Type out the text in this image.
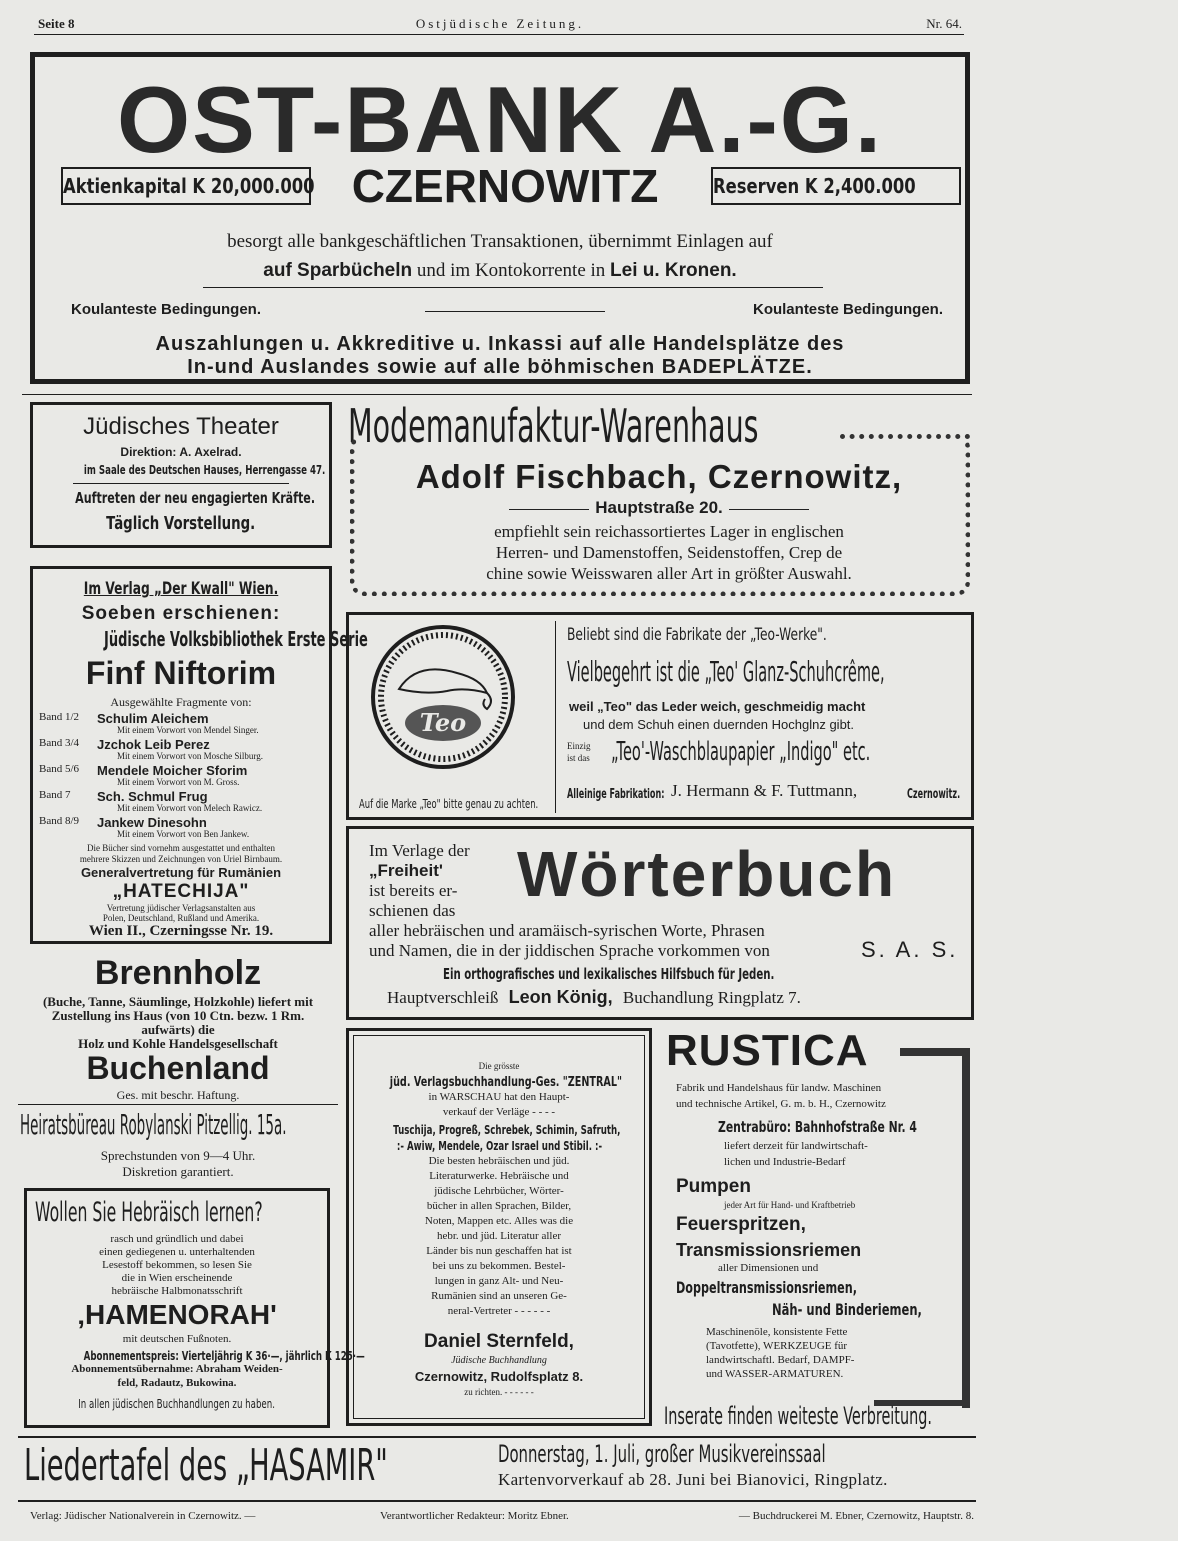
Seite 8	Ostjüdische Zeitung.	Nr. 64.
OST-BANK A.-G.
Aktienkapital K 20,000.000 CZERNOWITZ	Reserven K 2,400.000
besorgt alle bankgeschäftlichen Transaktionen, übernimmt Einlagen auf
auf Sparbücheln und im Kontokorrente in Lei u. Kronen.
Koulanteste Bedingungen.	Koulanteste Bedingungen.
Auszahlungen u. Akkreditive u. Inkassi auf alle Handelsplätze des
In-und Auslandes sowie auf alle böhmischen BADEPLÄTZE.
Jüdisches Theater
Direktion: A. Axelrad.
im Saale des Deutschen Hauses, Herrengasse 47.
Auftreten der neu engagierten Kräfte.
Täglich Vorstellung.
Modemanufaktur-Warenhaus
Adolf Fischbach, Czernowitz,
Hauptstraße 20.
empfiehlt sein reichassortiertes Lager in englischen
Herren- und Damenstoffen, Seidenstoffen, Crep de
chine sowie Weisswaren aller Art in größter Auswahl.
Im Verlag „Der Kwall" Wien.
Soeben erschienen:
Jüdische Volksbibliothek Erste Serie
Finf Niftorim
Ausgewählte Fragmente von:
Band 1/2 Schulim Aleichem
Mit einem Vorwort von Mendel Singer.
Band 3/4 Jzchok Leib Perez
Mit einem Vorwort von Mosche Silburg.
Band 5/6 Mendele Moicher Sforim
Mit einem Vorwort von M. Gross.
Band 7 Sch. Schmul Frug
Mit einem Vorwort von Melech Rawicz.
Band 8/9 Jankew Dinesohn
Mit einem Vorwort von Ben Jankew.
Die Bücher sind vornehm ausgestattet und enthalten
mehrere Skizzen und Zeichnungen von Uriel Birnbaum.
Generalvertretung für Rumänien
„HATECHIJA"
Vertretung jüdischer Verlagsanstalten aus
Polen, Deutschland, Rußland und Amerika.
Wien II., Czerningsse Nr. 19.
Teo
Auf die Marke „Teo" bitte genau zu achten.
Beliebt sind die Fabrikate der „Teo-Werke".
Vielbegehrt ist die „Teo' Glanz-Schuhcrême,
weil „Teo" das Leder weich, geschmeidig macht
und dem Schuh einen duernden Hochglnz gibt.
Einzig
ist das „Teo'-Waschblaupapier „Indigo" etc.
Alleinige Fabrikation: J. Hermann & F. Tuttmann,	Czernowitz.
Im Verlage der
„Freiheit'
ist bereits er-
schienen das
Wörterbuch
aller hebräischen und aramäisch-syrischen Worte, Phrasen
und Namen, die in der jiddischen Sprache vorkommen von	S. A. S.
Ein orthografisches und lexikalisches Hilfsbuch für Jeden.
Hauptverschleiß Leon König, Buchandlung Ringplatz 7.
Brennholz
(Buche, Tanne, Säumlinge, Holzkohle) liefert mit
Zustellung ins Haus (von 10 Ctn. bezw. 1 Rm.
aufwärts) die
Holz und Kohle Handelsgesellschaft
Buchenland
Ges. mit beschr. Haftung.
Heiratsbüreau Robylanski Pitzellig. 15a.
Sprechstunden von 9—4 Uhr.
Diskretion garantiert.
Wollen Sie Hebräisch lernen?
rasch und gründlich und dabei
einen gediegenen u. unterhaltenden
Lesestoff bekommen, so lesen Sie
die in Wien erscheinende
hebräische Halbmonatsschrift
‚HAMENORAH'
mit deutschen Fußnoten.
Abonnementspreis: Vierteljährig K 36·—, jährlich K 125·—
Abonnementsübernahme: Abraham Weiden-
feld, Radautz, Bukowina.
In allen jüdischen Buchhandlungen zu haben.
Die grösste
jüd. Verlagsbuchhandlung-Ges. "ZENTRAL"
in WARSCHAU hat den Haupt-
verkauf der Verläge - - - -
Tuschija, Progreß, Schrebek, Schimin, Safruth,
:- Awiw, Mendele, Ozar Israel und Stibil. :-
Die besten hebräischen und jüd.
Literaturwerke. Hebräische und
jüdische Lehrbücher, Wörter-
bücher in allen Sprachen, Bilder,
Noten, Mappen etc. Alles was die
hebr. und jüd. Literatur aller
Länder bis nun geschaffen hat ist
bei uns zu bekommen. Bestel-
lungen in ganz Alt- und Neu-
Rumänien sind an unseren Ge-
neral-Vertreter - - - - - -
Daniel Sternfeld,
Jüdische Buchhandlung
Czernowitz, Rudolfsplatz 8.
zu richten. - - - - - -
RUSTICA
Fabrik und Handelshaus für landw. Maschinen
und technische Artikel, G. m. b. H., Czernowitz
Zentrabüro: Bahnhofstraße Nr. 4
liefert derzeit für landwirtschaft-
lichen und Industrie-Bedarf
Pumpen
jeder Art für Hand- und Kraftbetrieb
Feuerspritzen,
Transmissionsriemen
aller Dimensionen und
Doppeltransmissionsriemen,
Näh- und Binderiemen,
Maschinenöle, konsistente Fette
(Tavotfette), WERKZEUGE für
landwirtschaftl. Bedarf, DAMPF-
und WASSER-ARMATUREN.
Inserate finden weiteste Verbreitung.
Liedertafel des „HASAMIR"	Donnerstag, 1. Juli, großer Musikvereinssaal
Kartenvorverkauf ab 28. Juni bei Bianovici, Ringplatz.
Verlag: Jüdischer Nationalverein in Czernowitz. —	Verantwortlicher Redakteur: Moritz Ebner.	— Buchdruckerei M. Ebner, Czernowitz, Hauptstr. 8.
